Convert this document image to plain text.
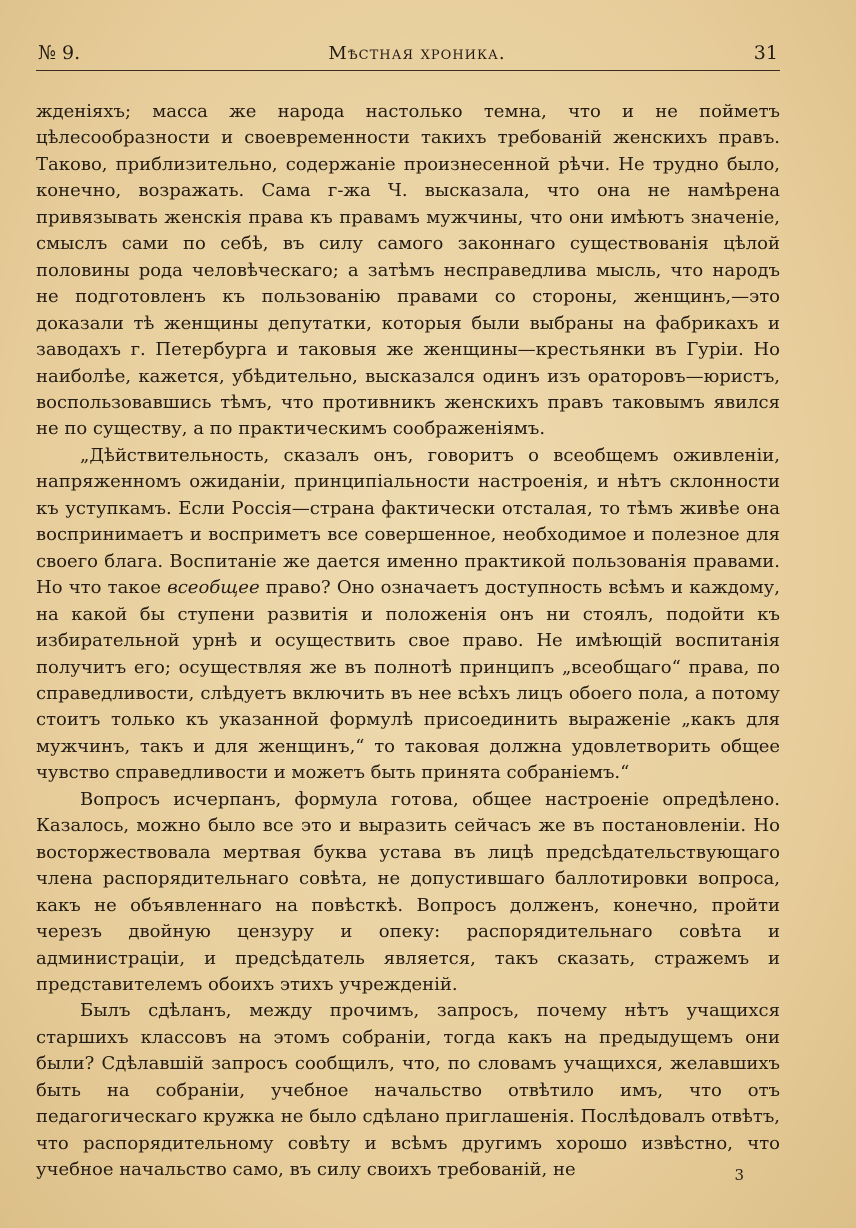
№ 9.	Мѣстная хроника.	31

жденіяхъ; масса же народа настолько темна, что и не пойметъ цѣлесообразности и своевременности такихъ требованій женскихъ правъ. Таково, приблизительно, содержаніе произнесенной рѣчи. Не трудно было, конечно, возражать. Сама г-жа Ч. высказала, что она не намѣрена привязывать женскія права къ правамъ мужчины, что они имѣютъ значеніе, смыслъ сами по себѣ, въ силу самого законнаго существованія цѣлой половины рода человѣческаго; а затѣмъ несправедлива мысль, что народъ не подготовленъ къ пользованію правами со стороны, женщинъ,—это доказали тѣ женщины депутатки, которыя были выбраны на фабрикахъ и заводахъ г. Петербурга и таковыя же женщины—крестьянки въ Гуріи. Но наиболѣе, кажется, убѣдительно, высказался одинъ изъ ораторовъ—юристъ, воспользовавшись тѣмъ, что противникъ женскихъ правъ таковымъ явился не по существу, а по практическимъ соображеніямъ.

„Дѣйствительность, сказалъ онъ, говоритъ о всеобщемъ оживленіи, напряженномъ ожиданіи, принципіальности настроенія, и нѣтъ склонности къ уступкамъ. Если Россія—страна фактически отсталая, то тѣмъ живѣе она воспринимаетъ и восприметъ все совершенное, необходимое и полезное для своего блага. Воспитаніе же дается именно практикой пользованія правами. Но что такое всеобщее право? Оно означаетъ доступность всѣмъ и каждому, на какой бы ступени развитія и положенія онъ ни стоялъ, подойти къ избирательной урнѣ и осуществить свое право. Не имѣющій воспитанія получитъ его; осуществляя же въ полнотѣ принципъ „всеобщаго“ права, по справедливости, слѣдуетъ включить въ нее всѣхъ лицъ обоего пола, а потому стоитъ только къ указанной формулѣ присоединить выраженіе „какъ для мужчинъ, такъ и для женщинъ,“ то таковая должна удовлетворить общее чувство справедливости и можетъ быть принята собраніемъ.“

Вопросъ исчерпанъ, формула готова, общее настроеніе опредѣлено. Казалось, можно было все это и выразить сейчасъ же въ постановленіи. Но восторжествовала мертвая буква устава въ лицѣ предсѣдательствующаго члена распорядительнаго совѣта, не допустившаго баллотировки вопроса, какъ не объявленнаго на повѣсткѣ. Вопросъ долженъ, конечно, пройти черезъ двойную цензуру и опеку: распорядительнаго совѣта и администраціи, и предсѣдатель является, такъ сказать, стражемъ и представителемъ обоихъ этихъ учрежденій.

Былъ сдѣланъ, между прочимъ, запросъ, почему нѣтъ учащихся старшихъ классовъ на этомъ собраніи, тогда какъ на предыдущемъ они были? Сдѣлавшій запросъ сообщилъ, что, по словамъ учащихся, желавшихъ быть на собраніи, учебное начальство отвѣтило имъ, что отъ педагогическаго кружка не было сдѣлано приглашенія. Послѣдовалъ отвѣтъ, что распорядительному совѣту и всѣмъ другимъ хорошо извѣстно, что учебное начальство само, въ силу своихъ требованій, не	3
